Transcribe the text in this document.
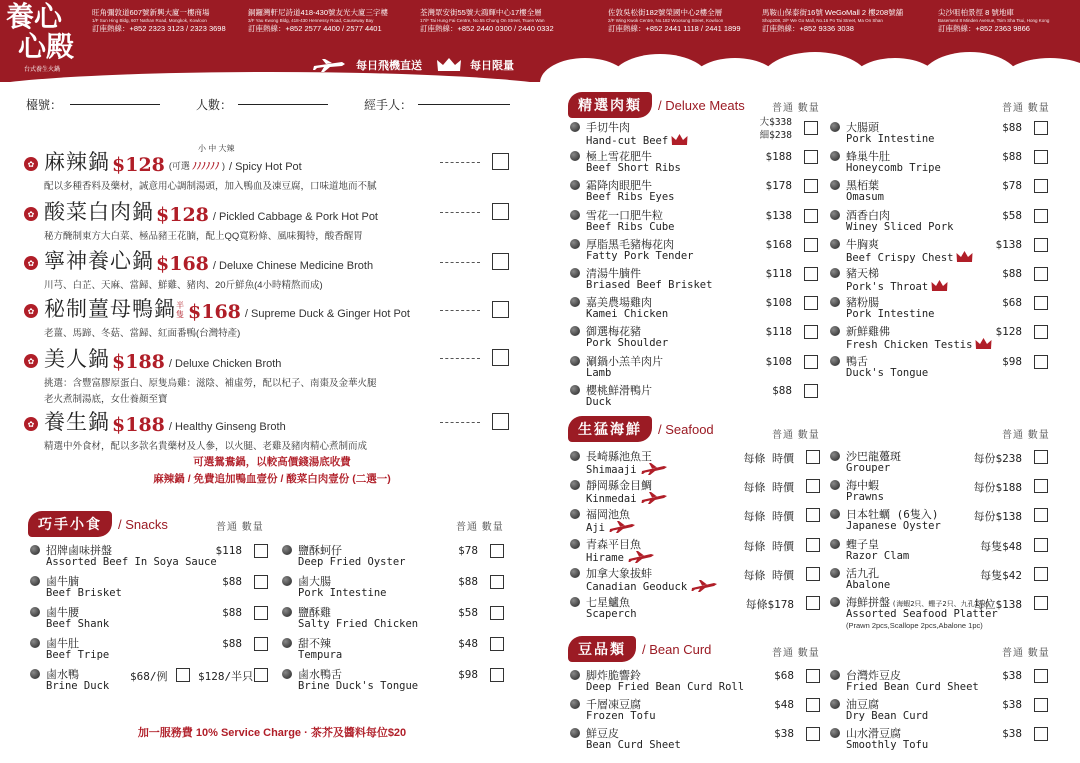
養心
心殿
台式養生火鍋
旺角彌敦道607號新興大廈一樓商場
1/F Sun Hing Bldg, 607 Nathan Road, Mongkok, Kowloon
訂座熱線：+852 2323 3123 / 2323 3698
銅鑼灣軒尼詩道418-430號友光大廈三字樓
3/F Yau Kwong Bldg, 418-430 Hennessy Road, Causeway Bay
訂座熱線：+852 2577 4400 / 2577 4401
荃灣眾安街55號大鴻輝中心17樓全層
17/F Tai Hung Fai Centre, No.55 Chung On Street, Tsuen Wan
訂座熱線：+852 2440 0300 / 2440 0332
佐敦吳松街182號榮國中心2樓全層
2/F Wing Kwok Centre, No.182 Woosung Street, Kowloon
訂座熱線：+852 2441 1118 / 2441 1899
馬鞍山保泰街16號 WeGoMall 2 樓208號舖
Shop208, 2/F We Go Mall, No.16 Po Tai Street, Ma On Shan
訂座熱線：+852 9336 3038
尖沙咀柏景徑 8 號地庫
Basement 8 Minden Avenue, Tsim Sha Tsui, Hong Kong
訂座熱線：+852 2363 9866
每日飛機直送	每日限量
檯號：	人數：	經手人：
✿ 麻辣鍋 $128 (可選 ﾉﾉﾉﾉﾉﾉ ) / Spicy Hot Pot
配以多種香料及藥材，誠意用心調制湯頭，加入鴨血及凍豆腐，口味道地而不膩
小 中 大辣
✿ 酸菜白肉鍋 $128 / Pickled Cabbage & Pork Hot Pot
秘方醃制東方大白菜、極品豬王花腩，配上QQ寬粉條、風味獨特，酸香醒胃
✿ 寧神養心鍋 $168 / Deluxe Chinese Medicine Broth
川芎、白芷、天麻、當歸、鮮雞、豬肉、20斤鮮魚(4小時精熬而成)
✿ 秘制薑母鴨鍋 半隻 $168 / Supreme Duck & Ginger Hot Pot
老薑、馬蹄、冬菇、當歸、紅面番鴨(台灣特產)
✿ 美人鍋 $188 / Deluxe Chicken Broth
挑選：含豐富膠原蛋白、原隻烏雞：滋陰、補虛勞，配以杞子、南棗及金華火腿
老火煮制湯底，女仕養顏至寶
✿ 養生鍋 $188 / Healthy Ginseng Broth
精選中外食材，配以多款名貴藥材及人參，以火腿、老雞及豬肉精心煮制而成
可選鴛鴦鍋，以較高價錢湯底收費
麻辣鍋 / 免費追加鴨血壹份 / 酸菜白肉壹份 (二選一)
巧手小食	/ Snacks	普通 數量	普通 數量
招牌鹵味拼盤
Assorted Beef In Soya Sauce
$118
鹵牛腩
Beef Brisket
$88
鹵牛腰
Beef Shank
$88
鹵牛肚
Beef Tripe
$88
鹵水鴨
Brine Duck
$68/例	$128/半只
鹽酥蚵仔
Deep Fried Oyster
$78
鹵大腸
Pork Intestine
$88
鹽酥雞
Salty Fried Chicken
$58
甜不辣
Tempura
$48
鹵水鴨舌
Brine Duck's Tongue
$98
加一服務費 10% Service Charge · 茶芥及醬料每位$20
精選肉類	/ Deluxe Meats	普通 數量	普通 數量
手切牛肉
Hand-cut Beef
大$338
細$238
極上雪花肥牛
Beef Short Ribs
$188
霜降肉眼肥牛
Beef Ribs Eyes
$178
雪花一口肥牛粒
Beef Ribs Cube
$138
厚脂黑毛豬梅花肉
Fatty Pork Tender
$168
清湯牛腩件
Briased Beef Brisket
$118
嘉美農場雞肉
Kamei Chicken
$108
御選梅花豬
Pork Shoulder
$118
涮鍋小羔羊肉片
Lamb
$108
櫻桃鮮滑鴨片
Duck
$88
大腸頭
Pork Intestine
$88
蜂巢牛肚
Honeycomb Tripe
$88
黑栢葉
Omasum
$78
酒香白肉
Winey Sliced Pork
$58
牛胸爽
Beef Crispy Chest
$138
豬天梯
Pork's Throat
$88
豬粉腸
Pork Intestine
$68
新鮮雞佛
Fresh Chicken Testis
$128
鴨舌
Duck's Tongue
$98
生猛海鮮	/ Seafood	普通 數量	普通 數量
長崎縣池魚王
Shimaaji
每條 時價
靜岡縣金目鯛
Kinmedai
每條 時價
福岡池魚
Aji
每條 時價
青森平目魚
Hirame
每條 時價
加拿大象拔蚌
Canadian Geoduck
每條 時價
七星鱸魚
Scaperch
每條$178
沙巴龍躉斑
Grouper
每份$238
海中蝦
Prawns
每份$188
日本牡蠣 (6隻入)
Japanese Oyster
每份$138
蟶子皇
Razor Clam
每隻$48
活九孔
Abalone
每隻$42
海鮮拼盤 (海蝦2只、蟶子2只、九孔1只)
Assorted Seafood Platter
(Prawn 2pcs,Scallope 2pcs,Abalone 1pc)
每位$138
豆品類	/ Bean Curd	普通 數量	普通 數量
脚炸脆響鈴
Deep Fried Bean Curd Roll
$68
千層凍豆腐
Frozen Tofu
$48
鮮豆皮
Bean Curd Sheet
$38
台灣炸豆皮
Fried Bean Curd Sheet
$38
油豆腐
Dry Bean Curd
$38
山水滑豆腐
Smoothly Tofu
$38
